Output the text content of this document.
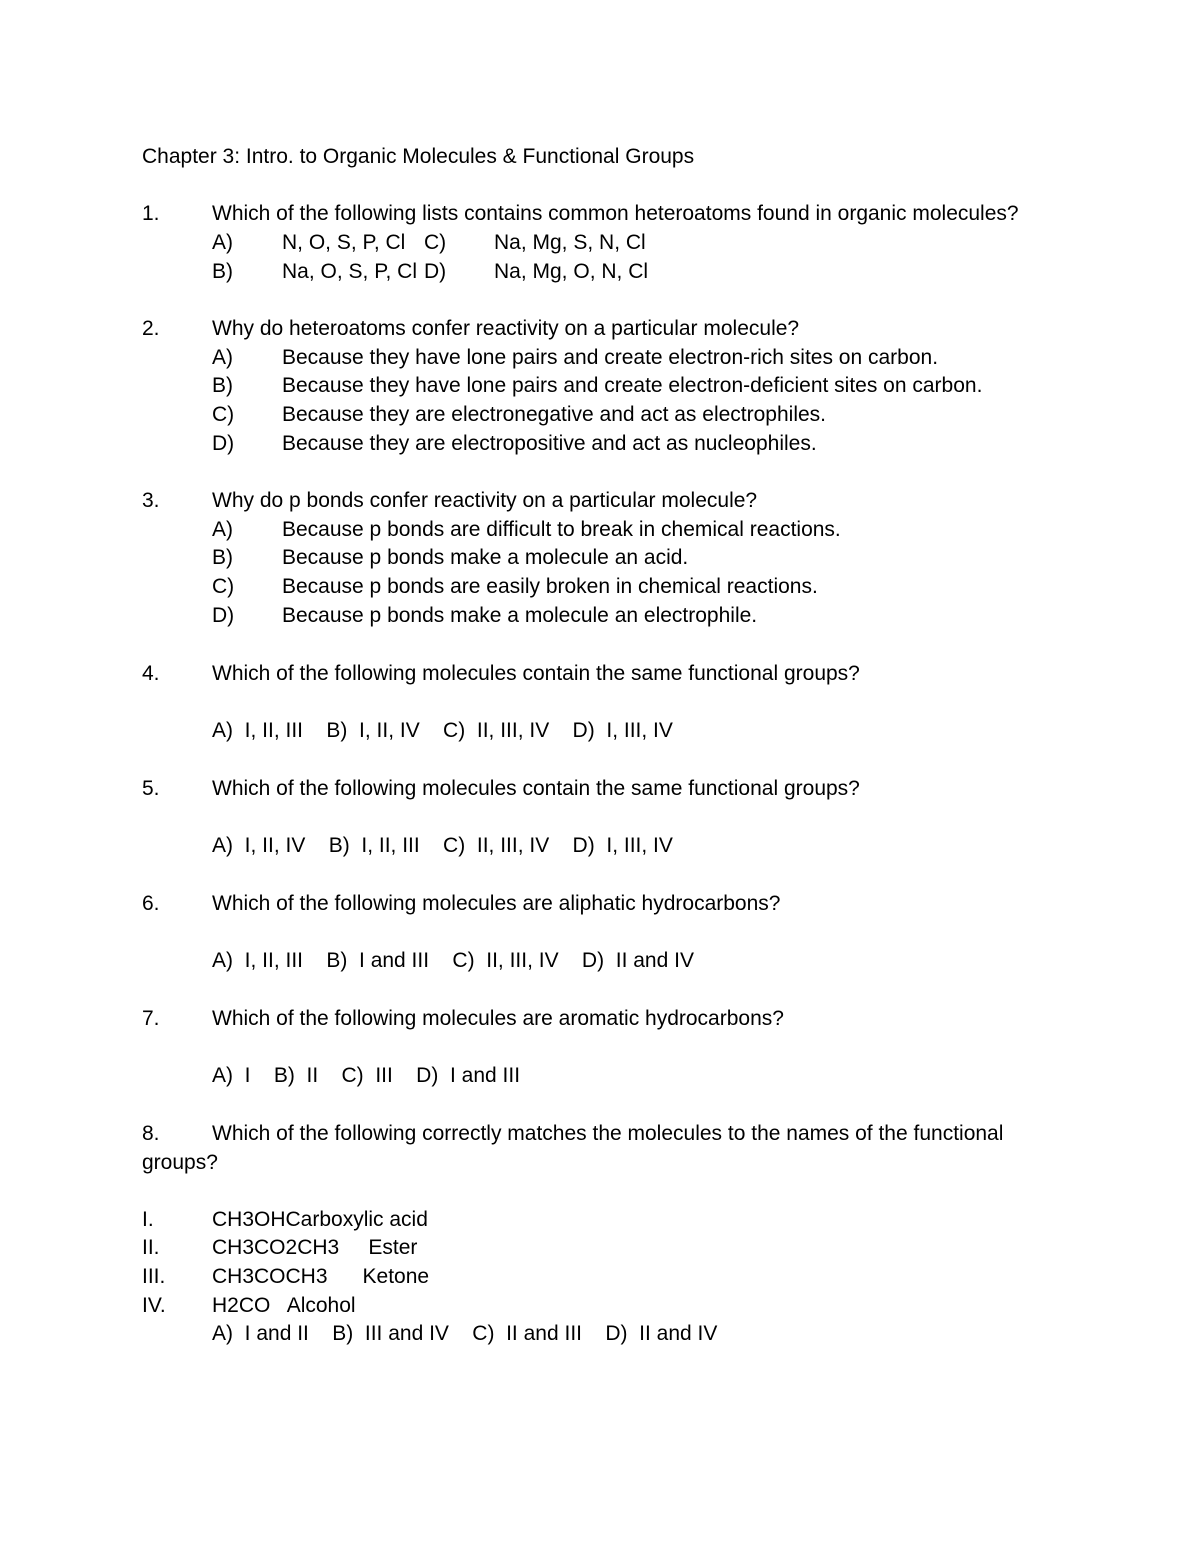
Chapter 3: Intro. to Organic Molecules & Functional Groups
1. Which of the following lists contains common heteroatoms found in organic molecules?
A) N, O, S, P, Cl C) Na, Mg, S, N, Cl
B) Na, O, S, P, Cl D) Na, Mg, O, N, Cl
2. Why do heteroatoms confer reactivity on a particular molecule?
A) Because they have lone pairs and create electron-rich sites on carbon.
B) Because they have lone pairs and create electron-deficient sites on carbon.
C) Because they are electronegative and act as electrophiles.
D) Because they are electropositive and act as nucleophiles.
3. Why do p bonds confer reactivity on a particular molecule?
A) Because p bonds are difficult to break in chemical reactions.
B) Because p bonds make a molecule an acid.
C) Because p bonds are easily broken in chemical reactions.
D) Because p bonds make a molecule an electrophile.
4. Which of the following molecules contain the same functional groups?
A)  I, II, III    B)  I, II, IV    C)  II, III, IV    D)  I, III, IV
5. Which of the following molecules contain the same functional groups?
A)  I, II, IV    B)  I, II, III    C)  II, III, IV    D)  I, III, IV
6. Which of the following molecules are aliphatic hydrocarbons?
A)  I, II, III    B)  I and III    C)  II, III, IV    D)  II and IV
7. Which of the following molecules are aromatic hydrocarbons?
A)  I    B)  II    C)  III    D)  I and III
8. Which of the following correctly matches the molecules to the names of the functional
groups?
I.	CH3OHCarboxylic acid
II. CH3CO2CH3     Ester
III. CH3COCH3      Ketone
IV. H2CO   Alcohol
A)  I and II    B)  III and IV    C)  II and III    D)  II and IV
